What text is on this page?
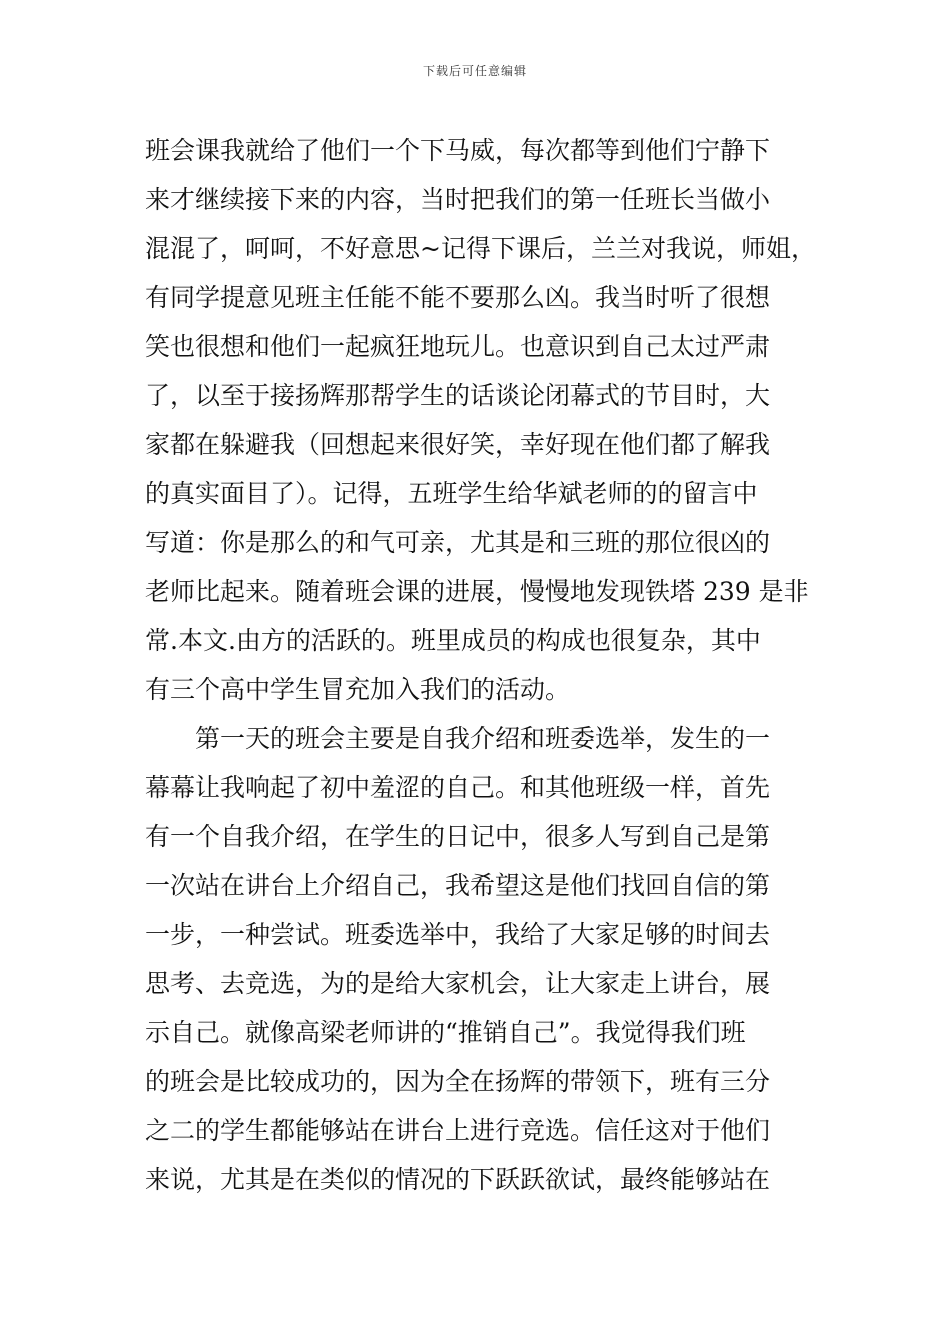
下载后可任意编辑
班会课我就给了他们一个下马威，每次都等到他们宁静下
来才继续接下来的内容，当时把我们的第一任班长当做小
混混了，呵呵，不好意思~记得下课后，兰兰对我说，师姐，
有同学提意见班主任能不能不要那么凶。我当时听了很想
笑也很想和他们一起疯狂地玩儿。也意识到自己太过严肃
了，以至于接扬辉那帮学生的话谈论闭幕式的节目时，大
家都在躲避我（回想起来很好笑，幸好现在他们都了解我
的真实面目了）。记得，五班学生给华斌老师的的留言中
写道：你是那么的和气可亲，尤其是和三班的那位很凶的
老师比起来。随着班会课的进展，慢慢地发现铁塔 239 是非
常.本文.由方的活跃的。班里成员的构成也很复杂，其中
有三个高中学生冒充加入我们的活动。
　　第一天的班会主要是自我介绍和班委选举，发生的一
幕幕让我响起了初中羞涩的自己。和其他班级一样，首先
有一个自我介绍，在学生的日记中，很多人写到自己是第
一次站在讲台上介绍自己，我希望这是他们找回自信的第
一步，一种尝试。班委选举中，我给了大家足够的时间去
思考、去竞选，为的是给大家机会，让大家走上讲台，展
示自己。就像高梁老师讲的“推销自己”。我觉得我们班
的班会是比较成功的，因为全在扬辉的带领下，班有三分
之二的学生都能够站在讲台上进行竞选。信任这对于他们
来说，尤其是在类似的情况的下跃跃欲试，最终能够站在
